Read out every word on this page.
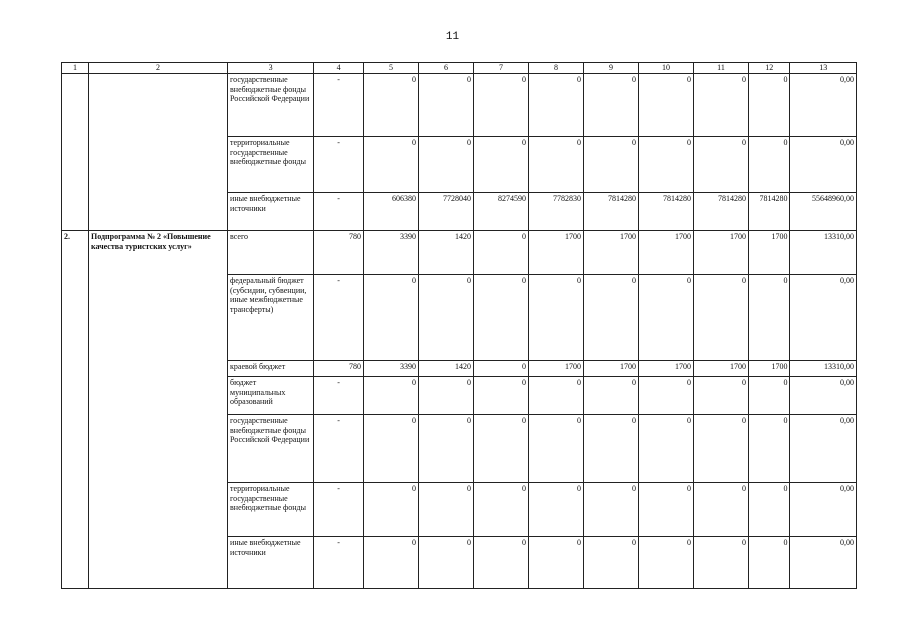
11
1	2	3	4	5	6	7	8	9	10	11	12	13
		государственные внебюджетные фонды Российской Федерации	-	0	0	0	0	0	0	0	0	0,00
		территориальные государственные внебюджетные фонды	-	0	0	0	0	0	0	0	0	0,00
		иные внебюджетные источники	-	606380	7728040	8274590	7782830	7814280	7814280	7814280	7814280	55648960,00
2.	Подпрограмма № 2 «Повышение качества туристских услуг»	всего	780	3390	1420	0	1700	1700	1700	1700	1700	13310,00
		федеральный бюджет (субсидии, субвенции, иные межбюджетные трансферты)	-	0	0	0	0	0	0	0	0	0,00
		краевой бюджет	780	3390	1420	0	1700	1700	1700	1700	1700	13310,00
		бюджет муниципальных образований	-	0	0	0	0	0	0	0	0	0,00
		государственные внебюджетные фонды Российской Федерации	-	0	0	0	0	0	0	0	0	0,00
		территориальные государственные внебюджетные фонды	-	0	0	0	0	0	0	0	0	0,00
		иные внебюджетные источники	-	0	0	0	0	0	0	0	0	0,00
